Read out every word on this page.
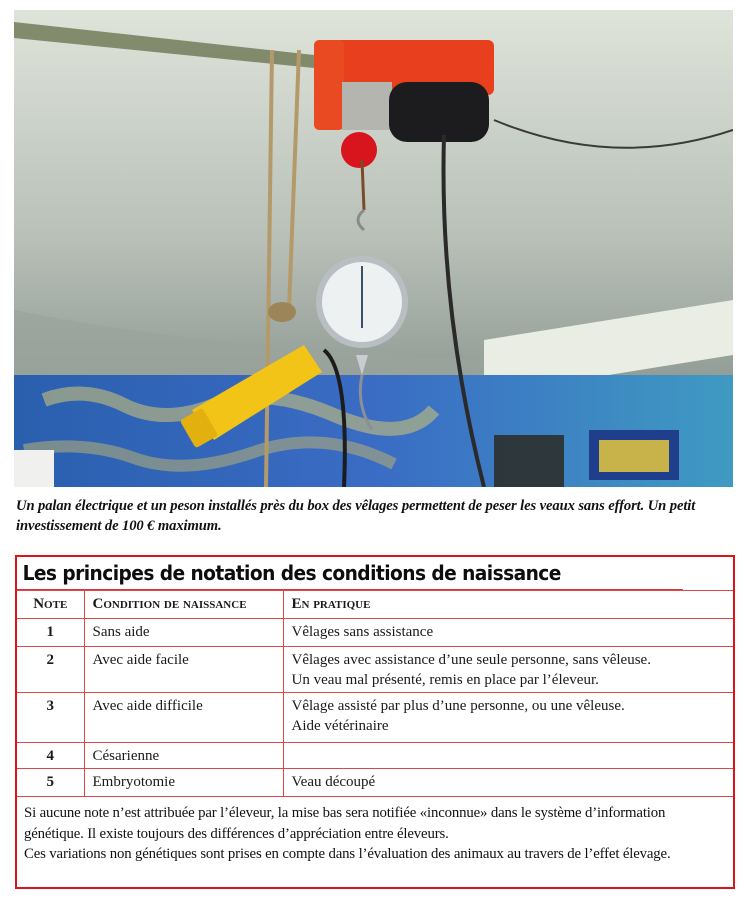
Un palan électrique et un peson installés près du box des vêlages permettent de peser les veaux sans effort. Un petit investissement de 100 € maximum.
Les principes de notation des conditions de naissance
Note	Condition de naissance	En pratique
1	Sans aide	Vêlages sans assistance

2	Avec aide facile	Vêlages avec assistance d’une seule personne, sans vêleuse.
Un veau mal présenté, remis en place par l’éleveur.

3	Avec aide difficile	Vêlage assisté par plus d’une personne, ou une vêleuse.
Aide vétérinaire

4	Césarienne	
5	Embryotomie	Veau découpé

Si aucune note n’est attribuée par l’éleveur, la mise bas sera notifiée «inconnue» dans le système d’information génétique. Il existe toujours des différences d’appréciation entre éleveurs.

Ces variations non génétiques sont prises en compte dans l’évaluation des animaux au travers de l’effet élevage.
